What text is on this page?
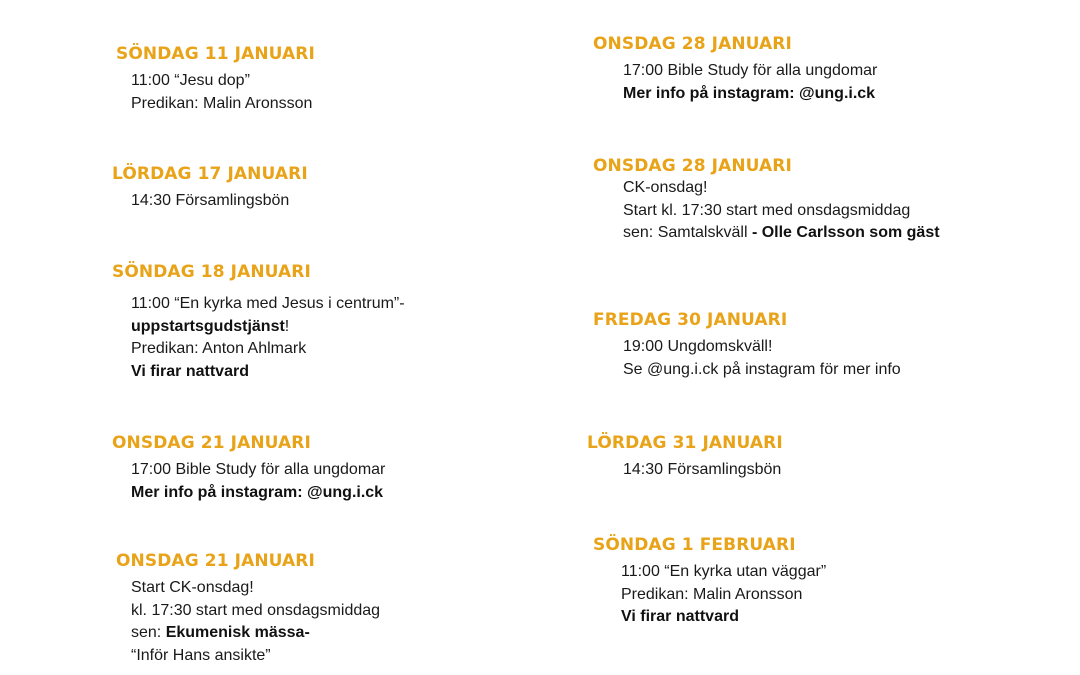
SÖNDAG 11 JANUARI
11:00 “Jesu dop”
Predikan: Malin Aronsson
LÖRDAG 17 JANUARI
14:30 Församlingsbön
SÖNDAG 18 JANUARI
11:00 “En kyrka med Jesus i centrum”-
uppstartsgudstjänst!
Predikan: Anton Ahlmark
Vi firar nattvard
ONSDAG 21 JANUARI
17:00 Bible Study för alla ungdomar
Mer info på instagram: @ung.i.ck
ONSDAG 21 JANUARI
Start CK-onsdag!
kl. 17:30 start med onsdagsmiddag
sen: Ekumenisk mässa-
“Inför Hans ansikte”
ONSDAG 28 JANUARI
17:00 Bible Study för alla ungdomar
Mer info på instagram: @ung.i.ck
ONSDAG 28 JANUARI
CK-onsdag!
Start kl. 17:30 start med onsdagsmiddag
sen: Samtalskväll - Olle Carlsson som gäst
FREDAG 30 JANUARI
19:00 Ungdomskväll!
Se @ung.i.ck på instagram för mer info
LÖRDAG 31 JANUARI
14:30 Församlingsbön
SÖNDAG 1 FEBRUARI
11:00 “En kyrka utan väggar”
Predikan: Malin Aronsson
Vi firar nattvard
